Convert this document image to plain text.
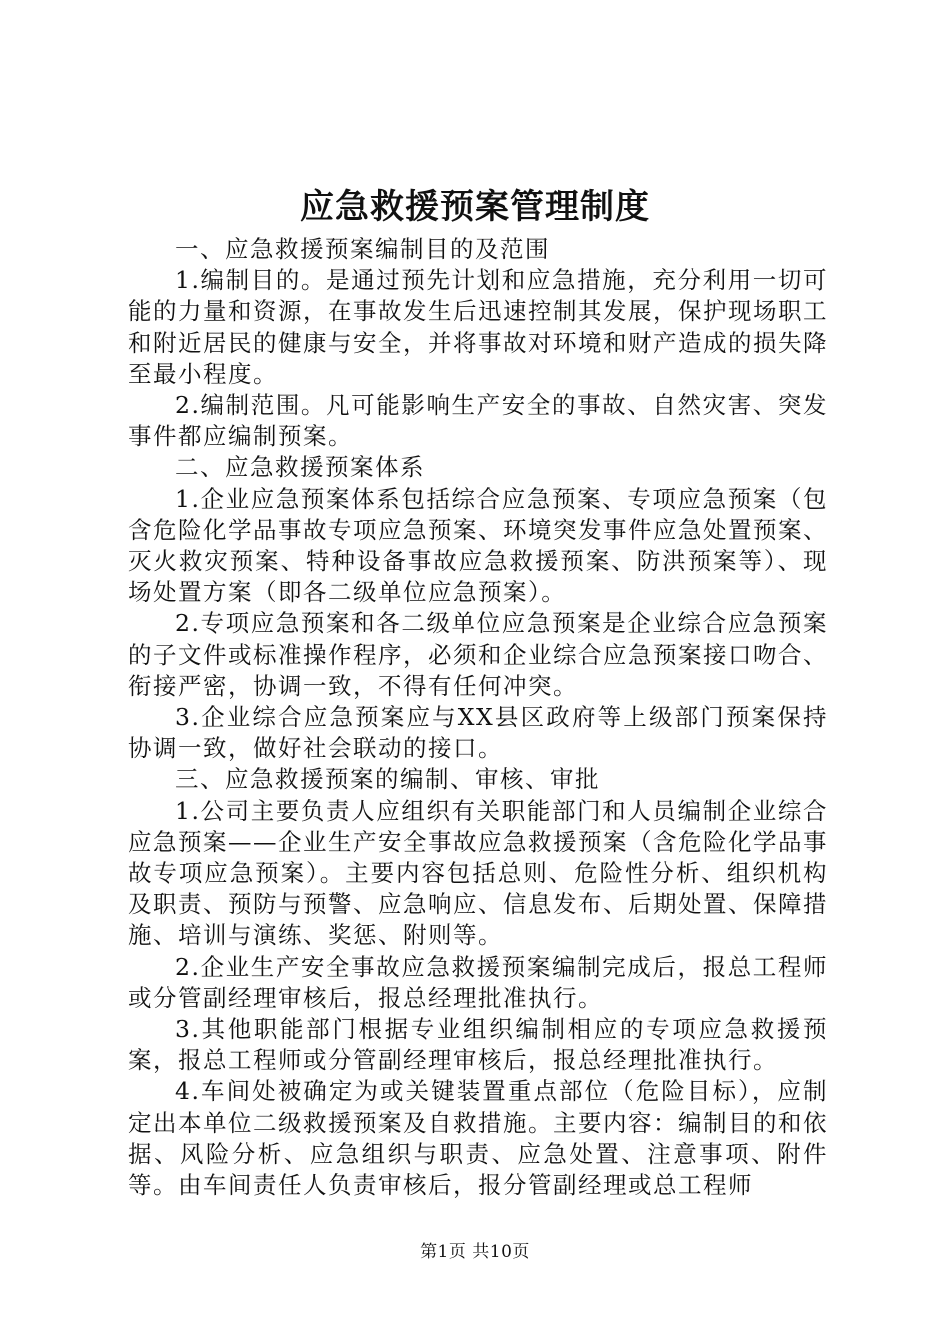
应急救援预案管理制度

一、应急救援预案编制目的及范围

1.编制目的。是通过预先计划和应急措施，充分利用一切可能的力量和资源，在事故发生后迅速控制其发展，保护现场职工和附近居民的健康与安全，并将事故对环境和财产造成的损失降至最小程度。

2.编制范围。凡可能影响生产安全的事故、自然灾害、突发事件都应编制预案。

二、应急救援预案体系

1.企业应急预案体系包括综合应急预案、专项应急预案（包含危险化学品事故专项应急预案、环境突发事件应急处置预案、灭火救灾预案、特种设备事故应急救援预案、防洪预案等）、现场处置方案（即各二级单位应急预案）。

2.专项应急预案和各二级单位应急预案是企业综合应急预案的子文件或标准操作程序，必须和企业综合应急预案接口吻合、衔接严密，协调一致，不得有任何冲突。

3.企业综合应急预案应与XX县区政府等上级部门预案保持协调一致，做好社会联动的接口。

三、应急救援预案的编制、审核、审批

1.公司主要负责人应组织有关职能部门和人员编制企业综合应急预案——企业生产安全事故应急救援预案（含危险化学品事故专项应急预案）。主要内容包括总则、危险性分析、组织机构及职责、预防与预警、应急响应、信息发布、后期处置、保障措施、培训与演练、奖惩、附则等。

2.企业生产安全事故应急救援预案编制完成后，报总工程师或分管副经理审核后，报总经理批准执行。

3.其他职能部门根据专业组织编制相应的专项应急救援预案，报总工程师或分管副经理审核后，报总经理批准执行。

4.车间处被确定为或关键装置重点部位（危险目标），应制定出本单位二级救援预案及自救措施。主要内容：编制目的和依据、风险分析、应急组织与职责、应急处置、注意事项、附件等。由车间责任人负责审核后，报分管副经理或总工程师

第1页 共10页
